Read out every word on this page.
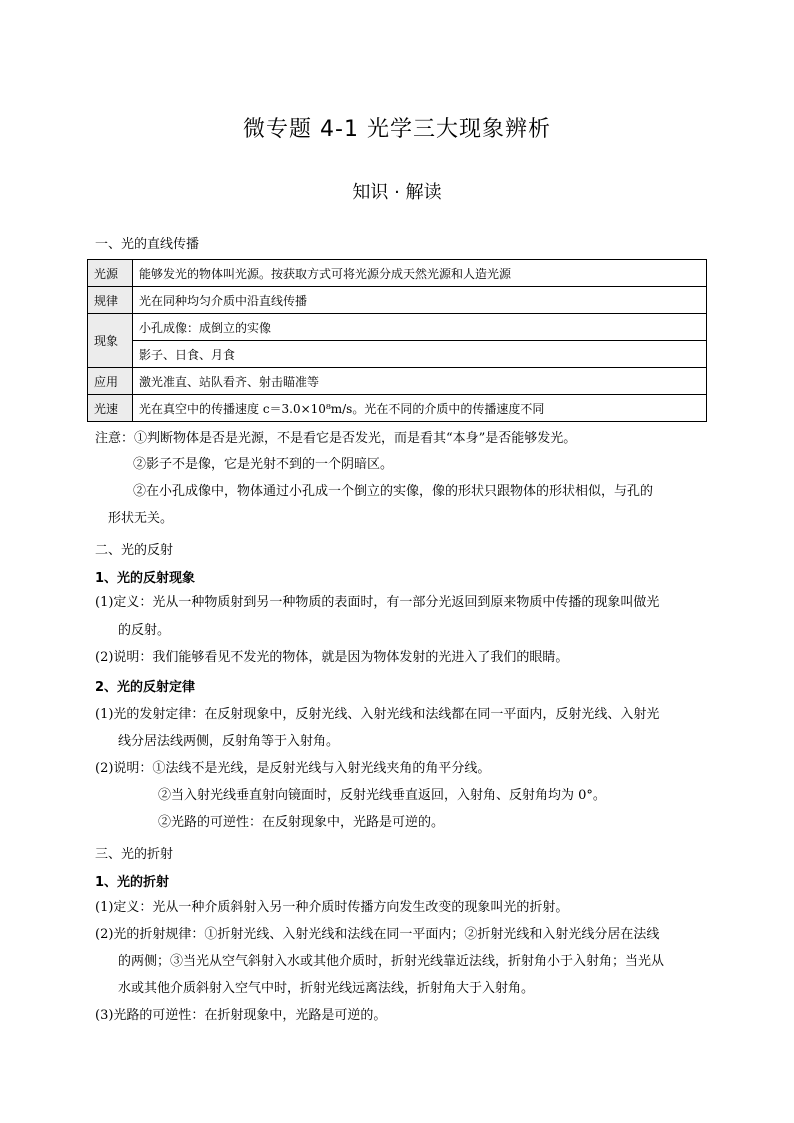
微专题 4-1 光学三大现象辨析
知识 · 解读
一、光的直线传播
光源	能够发光的物体叫光源。按获取方式可将光源分成天然光源和人造光源
规律	光在同种均匀介质中沿直线传播
现象	小孔成像：成倒立的实像
	影子、日食、月食
应用	激光准直、站队看齐、射击瞄准等
光速	光在真空中的传播速度 c＝3.0×10⁸m/s。光在不同的介质中的传播速度不同
注意：①判断物体是否是光源，不是看它是否发光，而是看其“本身”是否能够发光。
②影子不是像，它是光射不到的一个阴暗区。
②在小孔成像中，物体通过小孔成一个倒立的实像，像的形状只跟物体的形状相似，与孔的
形状无关。
二、光的反射
1、光的反射现象
(1)定义：光从一种物质射到另一种物质的表面时，有一部分光返回到原来物质中传播的现象叫做光
的反射。
(2)说明：我们能够看见不发光的物体，就是因为物体发射的光进入了我们的眼睛。
2、光的反射定律
(1)光的发射定律：在反射现象中，反射光线、入射光线和法线都在同一平面内，反射光线、入射光
线分居法线两侧，反射角等于入射角。
(2)说明：①法线不是光线，是反射光线与入射光线夹角的角平分线。
②当入射光线垂直射向镜面时，反射光线垂直返回，入射角、反射角均为 0°。
②光路的可逆性：在反射现象中，光路是可逆的。
三、光的折射
1、光的折射
(1)定义：光从一种介质斜射入另一种介质时传播方向发生改变的现象叫光的折射。
(2)光的折射规律：①折射光线、入射光线和法线在同一平面内；②折射光线和入射光线分居在法线
的两侧；③当光从空气斜射入水或其他介质时，折射光线靠近法线，折射角小于入射角；当光从
水或其他介质斜射入空气中时，折射光线远离法线，折射角大于入射角。
(3)光路的可逆性：在折射现象中，光路是可逆的。
